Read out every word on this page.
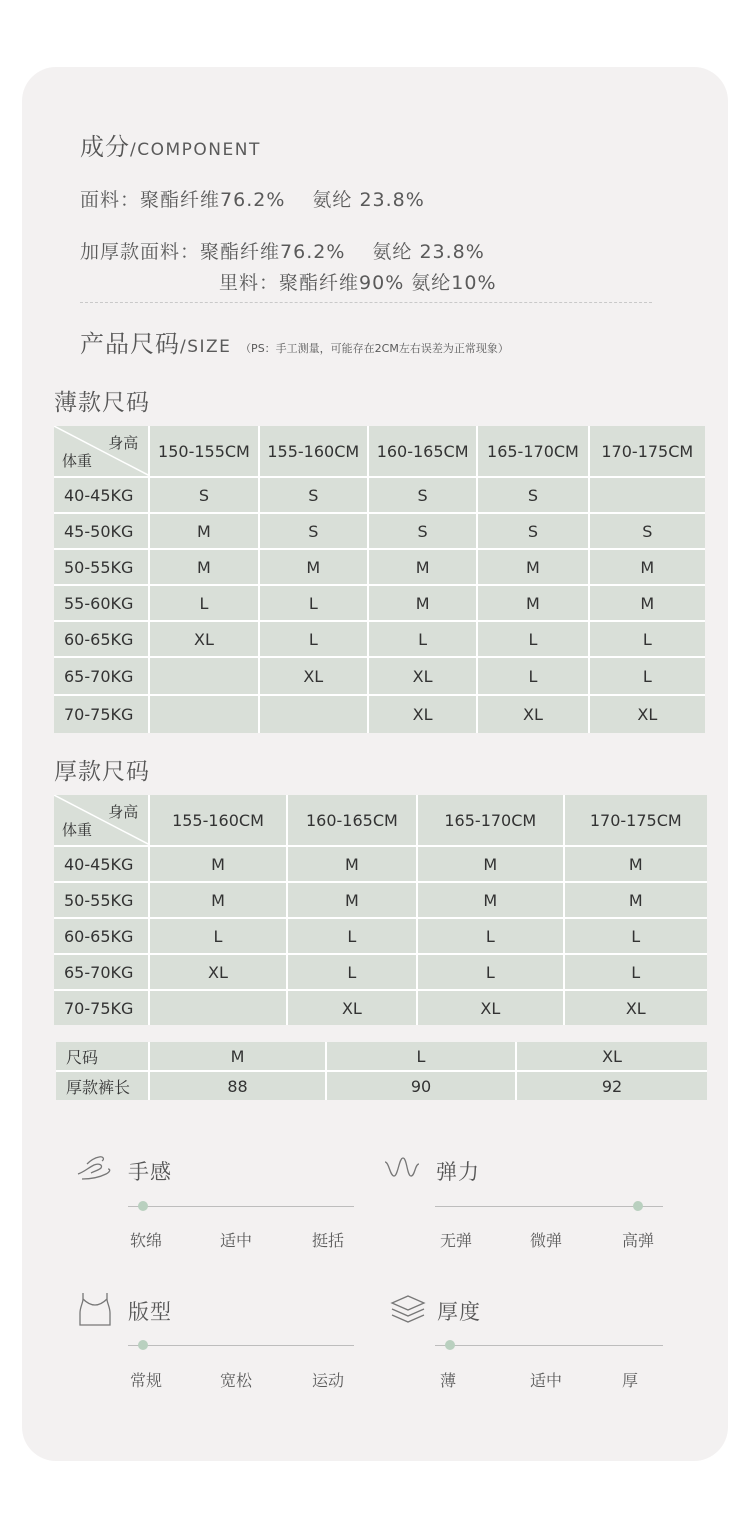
成分/COMPONENT
面料：聚酯纤维76.2%　 氨纶 23.8%
加厚款面料：聚酯纤维76.2%　 氨纶 23.8%
里料：聚酯纤维90% 氨纶10%
产品尺码/SIZE （PS：手工测量，可能存在2CM左右误差为正常现象）
薄款尺码
身高
体重	150-155CM	155-160CM	160-165CM	165-170CM	170-175CM
40-45KG	S	S	S	S	
45-50KG	M	S	S	S	S
50-55KG	M	M	M	M	M
55-60KG	L	L	M	M	M
60-65KG	XL	L	L	L	L
65-70KG		XL	XL	L	L
70-75KG			XL	XL	XL
厚款尺码
身高
体重	155-160CM	160-165CM	165-170CM	170-175CM
40-45KG	M	M	M	M
50-55KG	M	M	M	M
60-65KG	L	L	L	L
65-70KG	XL	L	L	L
70-75KG		XL	XL	XL
尺码	M	L	XL
厚款裤长	88	90	92
手感
软绵	适中	挺括
弹力
无弹	微弹	高弹
版型
常规	宽松	运动
厚度
薄	适中	厚
